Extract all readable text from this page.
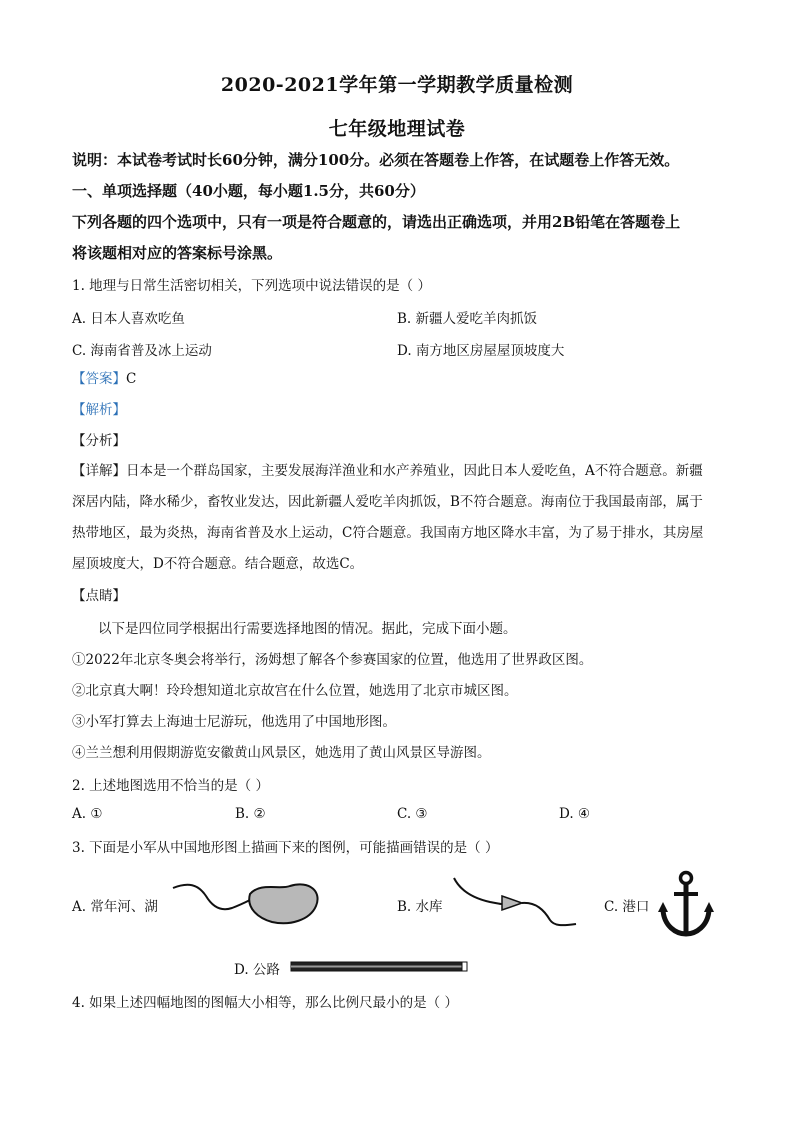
2020-2021学年第一学期教学质量检测
七年级地理试卷
说明：本试卷考试时长60分钟，满分100分。必须在答题卷上作答，在试题卷上作答无效。
一、单项选择题（40小题，每小题1.5分，共60分）
下列各题的四个选项中，只有一项是符合题意的，请选出正确选项，并用2B铅笔在答题卷上
将该题相对应的答案标号涂黑。
1. 地理与日常生活密切相关，下列选项中说法错误的是（ ）
A. 日本人喜欢吃鱼	B. 新疆人爱吃羊肉抓饭
C. 海南省普及冰上运动	D. 南方地区房屋屋顶坡度大
【答案】C
【解析】
【分析】
【详解】日本是一个群岛国家，主要发展海洋渔业和水产养殖业，因此日本人爱吃鱼，A不符合题意。新疆
深居内陆，降水稀少，畜牧业发达，因此新疆人爱吃羊肉抓饭，B不符合题意。海南位于我国最南部，属于
热带地区，最为炎热，海南省普及水上运动，C符合题意。我国南方地区降水丰富，为了易于排水，其房屋
屋顶坡度大，D不符合题意。结合题意，故选C。
【点睛】
以下是四位同学根据出行需要选择地图的情况。据此，完成下面小题。
①2022年北京冬奥会将举行，汤姆想了解各个参赛国家的位置，他选用了世界政区图。
②北京真大啊！玲玲想知道北京故宫在什么位置，她选用了北京市城区图。
③小军打算去上海迪士尼游玩，他选用了中国地形图。
④兰兰想利用假期游览安徽黄山风景区，她选用了黄山风景区导游图。
2. 上述地图选用不恰当的是（ ）
A. ①	B. ②	C. ③	D. ④
3. 下面是小军从中国地形图上描画下来的图例，可能描画错误的是（ ）
A. 常年河、湖	B. 水库	C. 港口
D. 公路
4. 如果上述四幅地图的图幅大小相等，那么比例尺最小的是（ ）
